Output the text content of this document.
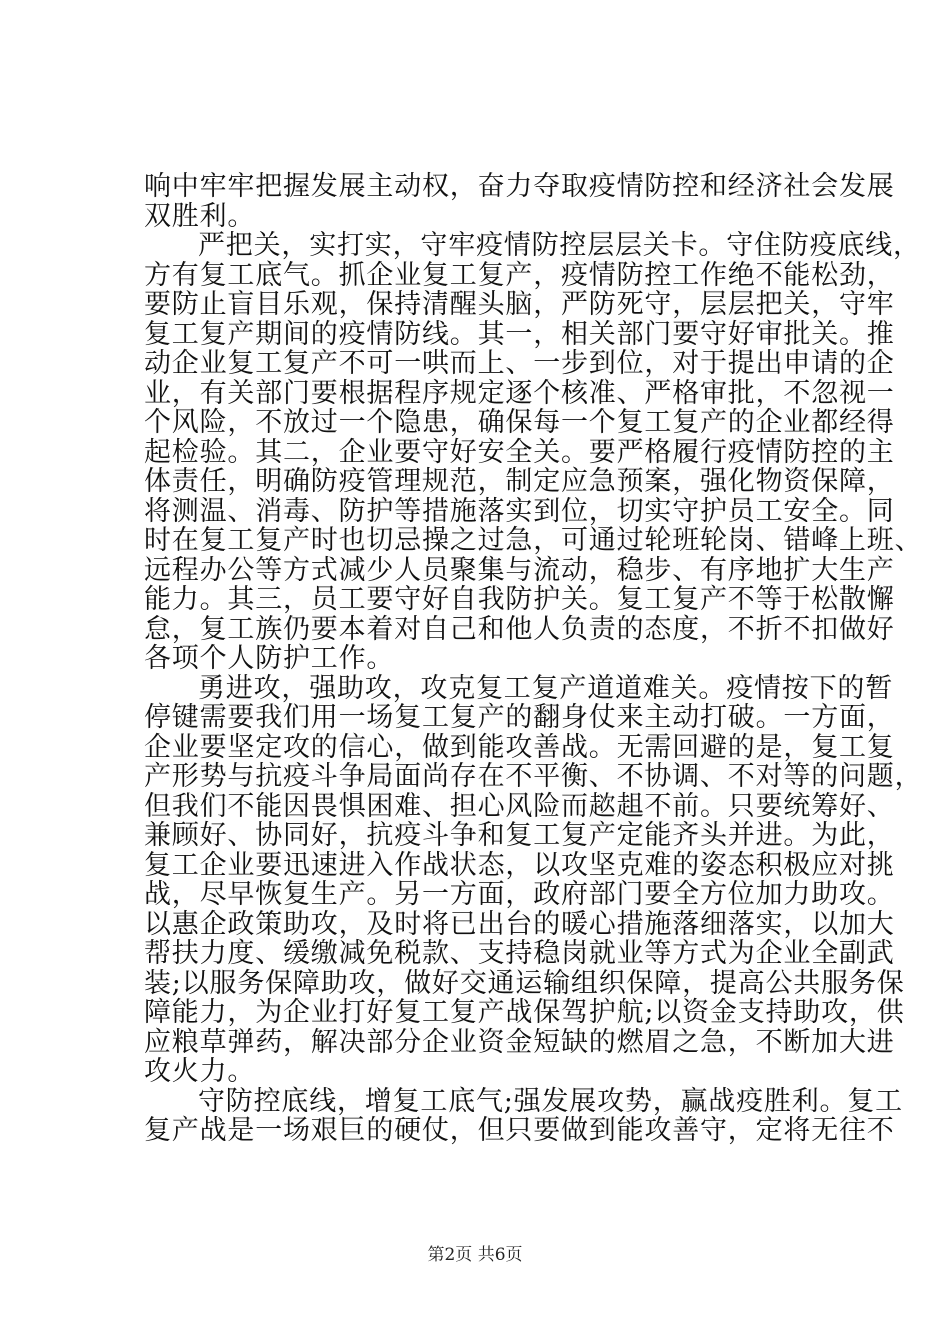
响中牢牢把握发展主动权，奋力夺取疫情防控和经济社会发展
双胜利。
严把关，实打实，守牢疫情防控层层关卡。守住防疫底线，
方有复工底气。抓企业复工复产，疫情防控工作绝不能松劲，
要防止盲目乐观，保持清醒头脑，严防死守，层层把关，守牢
复工复产期间的疫情防线。其一，相关部门要守好审批关。推
动企业复工复产不可一哄而上、一步到位，对于提出申请的企
业，有关部门要根据程序规定逐个核准、严格审批，不忽视一
个风险，不放过一个隐患，确保每一个复工复产的企业都经得
起检验。其二，企业要守好安全关。要严格履行疫情防控的主
体责任，明确防疫管理规范，制定应急预案，强化物资保障，
将测温、消毒、防护等措施落实到位，切实守护员工安全。同
时在复工复产时也切忌操之过急，可通过轮班轮岗、错峰上班、
远程办公等方式减少人员聚集与流动，稳步、有序地扩大生产
能力。其三，员工要守好自我防护关。复工复产不等于松散懈
怠，复工族仍要本着对自己和他人负责的态度，不折不扣做好
各项个人防护工作。
勇进攻，强助攻，攻克复工复产道道难关。疫情按下的暂
停键需要我们用一场复工复产的翻身仗来主动打破。一方面，
企业要坚定攻的信心，做到能攻善战。无需回避的是，复工复
产形势与抗疫斗争局面尚存在不平衡、不协调、不对等的问题，
但我们不能因畏惧困难、担心风险而趑趄不前。只要统筹好、
兼顾好、协同好，抗疫斗争和复工复产定能齐头并进。为此，
复工企业要迅速进入作战状态，以攻坚克难的姿态积极应对挑
战，尽早恢复生产。另一方面，政府部门要全方位加力助攻。
以惠企政策助攻，及时将已出台的暖心措施落细落实，以加大
帮扶力度、缓缴减免税款、支持稳岗就业等方式为企业全副武
装;以服务保障助攻，做好交通运输组织保障，提高公共服务保
障能力，为企业打好复工复产战保驾护航;以资金支持助攻，供
应粮草弹药，解决部分企业资金短缺的燃眉之急，不断加大进
攻火力。
守防控底线，增复工底气;强发展攻势，赢战疫胜利。复工
复产战是一场艰巨的硬仗，但只要做到能攻善守，定将无往不
第2页 共6页
